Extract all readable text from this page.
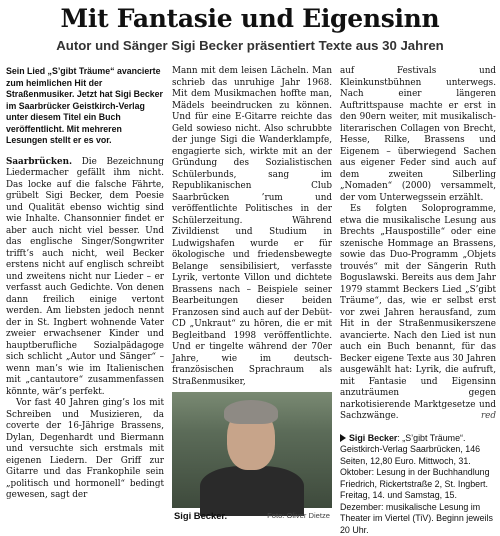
Mit Fantasie und Eigensinn
Autor und Sänger Sigi Becker präsentiert Texte aus 30 Jahren
Sein Lied „S’gibt Träume“ avancierte zum heimlichen Hit der Straßenmusiker. Jetzt hat Sigi Becker im Saarbrücker Geistkirch-Verlag unter diesem Titel ein Buch veröffentlicht. Mit mehreren Lesungen stellt er es vor.

Saarbrücken. Die Bezeichnung Liedermacher gefällt ihm nicht. Das locke auf die falsche Fährte, grübelt Sigi Becker, dem Poesie und Qualität ebenso wichtig sind wie Inhalte. Chansonnier findet er aber auch nicht viel besser. Und das englische Singer/Songwriter trifft’s auch nicht, weil Becker erstens nicht auf englisch schreibt und zweitens nicht nur Lieder – er verfasst auch Gedichte. Von denen dann freilich einige vertont werden. Am liebsten jedoch nennt der in St. Ingbert wohnende Vater zweier erwachsener Kinder und hauptberufliche Sozialpädagoge sich schlicht „Autor und Sänger“ – wenn man’s wie im Italienischen mit „cantautore“ zusammenfassen könnte, wär’s perfekt.

Vor fast 40 Jahren ging’s los mit Schreiben und Musizieren, da coverte der 16-Jährige Brassens, Dylan, Degenhardt und Biermann und versuchte sich erstmals mit eigenen Liedern. Der Griff zur Gitarre und das Frankophile sein „politisch und hormonell“ bedingt gewesen, sagt der

Mann mit dem leisen Lächeln. Man schrieb das unruhige Jahr 1968. Mit dem Musikmachen hoffte man, Mädels beeindrucken zu können. Und für eine E-Gitarre reichte das Geld sowieso nicht. Also schrubbte der junge Sigi die Wanderklampfe, engagierte sich, wirkte mit an der Gründung des Sozialistischen Schülerbunds, sang im Republikanischen Club Saarbrücken ’rum und veröffentlichte Politisches in der Schülerzeitung. Während Zivildienst und Studium in Ludwigshafen wurde er für ökologische und friedensbewegte Belange sensibilisiert, verfasste Lyrik, vertonte Villon und dichtete Brassens nach – Beispiele seiner Bearbeitungen dieser beiden Franzosen sind auch auf der Debüt-CD „Unkraut“ zu hören, die er mit Begleitband 1998 veröffentlichte. Und er tingelte während der 70er Jahre, wie im deutsch-französischen Sprachraum als Straßenmusiker,

Sigi Becker.	Foto: Oliver Dietze

auf Festivals und Kleinkunstbühnen unterwegs. Nach einer längeren Auftrittspause machte er erst in den 90ern weiter, mit musikalisch-literarischen Collagen von Brecht, Hesse, Rilke, Brassens und Eigenem – überwiegend Sachen aus eigener Feder sind auch auf dem zweiten Silberling „Nomaden“ (2000) versammelt, der vom Unterwegssein erzählt.

Es folgten Soloprogramme, etwa die musikalische Lesung aus Brechts „Hauspostille“ oder eine szenische Hommage an Brassens, sowie das Duo-Programm „Objets trouvés“ mit der Sängerin Ruth Boguslawski. Bereits aus dem Jahr 1979 stammt Beckers Lied „S’gibt Träume“, das, wie er selbst erst vor zwei Jahren herausfand, zum Hit in der Straßenmusikerszene avancierte. Nach den Lied ist nun auch ein Buch benannt, für das Becker eigene Texte aus 30 Jahren ausgewählt hat: Lyrik, die aufruft, mit Fantasie und Eigensinn anzuträumen gegen narkotisierende Marktgesetze und Sachzwänge.	red

Sigi Becker: „S’gibt Träume“. Geistkirch-Verlag Saarbrücken, 146 Seiten, 12,80 Euro. Mittwoch, 31. Oktober: Lesung in der Buchhandlung Friedrich, Rickertstraße 2, St. Ingbert. Freitag, 14. und Samstag, 15. Dezember: musikalische Lesung im Theater im Viertel (TiV). Beginn jeweils 20 Uhr.
